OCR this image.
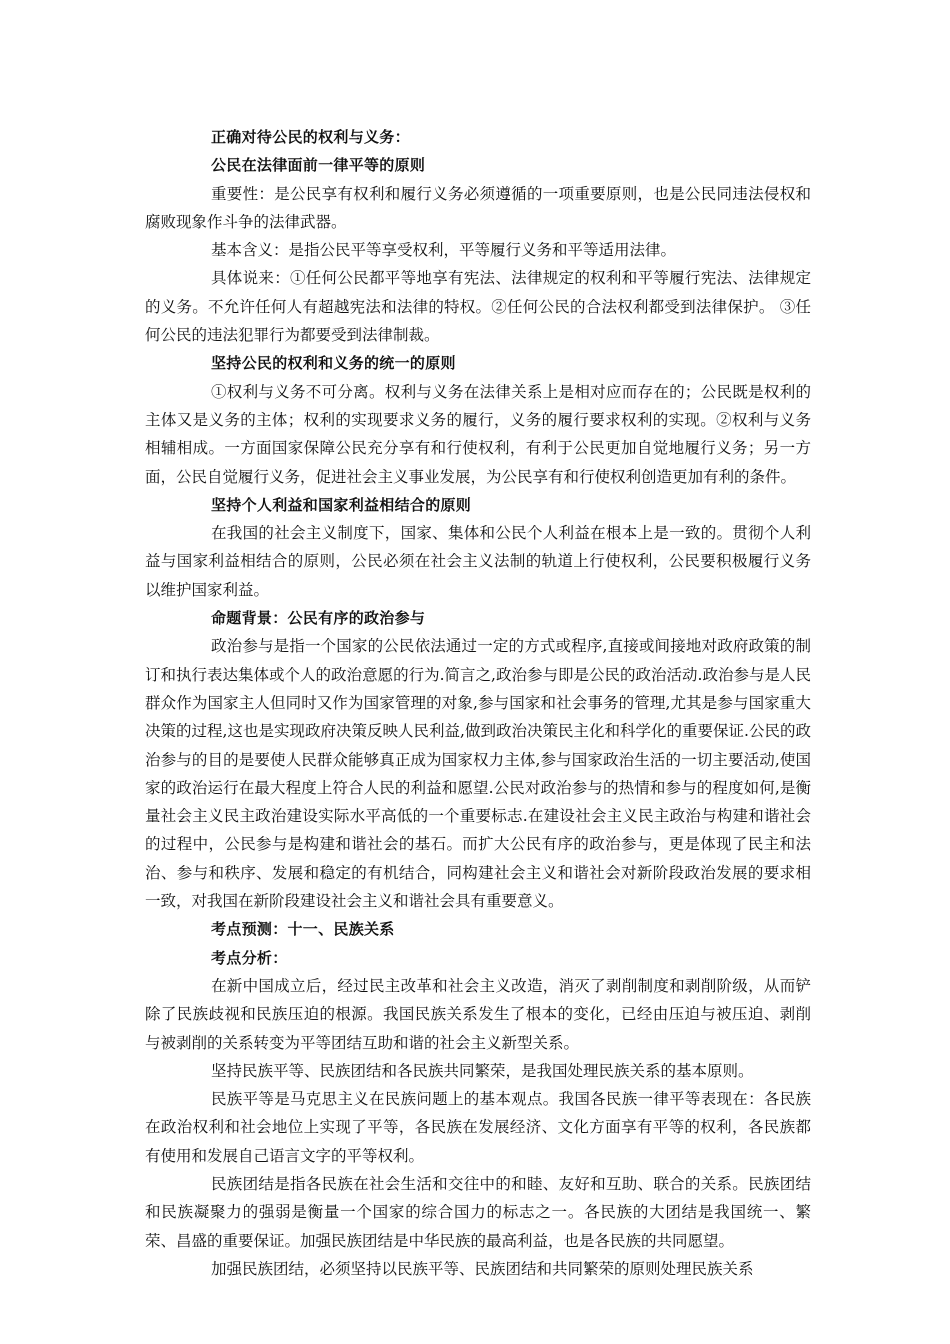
正确对待公民的权利与义务：

公民在法律面前一律平等的原则

重要性：是公民享有权利和履行义务必须遵循的一项重要原则，也是公民同违法侵权和腐败现象作斗争的法律武器。

基本含义：是指公民平等享受权利，平等履行义务和平等适用法律。

具体说来：①任何公民都平等地享有宪法、法律规定的权利和平等履行宪法、法律规定的义务。不允许任何人有超越宪法和法律的特权。②任何公民的合法权利都受到法律保护。 ③任何公民的违法犯罪行为都要受到法律制裁。

坚持公民的权利和义务的统一的原则

①权利与义务不可分离。权利与义务在法律关系上是相对应而存在的；公民既是权利的主体又是义务的主体；权利的实现要求义务的履行，义务的履行要求权利的实现。②权利与义务相辅相成。一方面国家保障公民充分享有和行使权利，有利于公民更加自觉地履行义务；另一方面，公民自觉履行义务，促进社会主义事业发展，为公民享有和行使权利创造更加有利的条件。

坚持个人利益和国家利益相结合的原则

在我国的社会主义制度下，国家、集体和公民个人利益在根本上是一致的。贯彻个人利益与国家利益相结合的原则，公民必须在社会主义法制的轨道上行使权利，公民要积极履行义务以维护国家利益。

命题背景：公民有序的政治参与

政治参与是指一个国家的公民依法通过一定的方式或程序,直接或间接地对政府政策的制订和执行表达集体或个人的政治意愿的行为.简言之,政治参与即是公民的政治活动.政治参与是人民群众作为国家主人但同时又作为国家管理的对象,参与国家和社会事务的管理,尤其是参与国家重大决策的过程,这也是实现政府决策反映人民利益,做到政治决策民主化和科学化的重要保证.公民的政治参与的目的是要使人民群众能够真正成为国家权力主体,参与国家政治生活的一切主要活动,使国家的政治运行在最大程度上符合人民的利益和愿望.公民对政治参与的热情和参与的程度如何,是衡量社会主义民主政治建设实际水平高低的一个重要标志.在建设社会主义民主政治与构建和谐社会的过程中，公民参与是构建和谐社会的基石。而扩大公民有序的政治参与，更是体现了民主和法治、参与和秩序、发展和稳定的有机结合，同构建社会主义和谐社会对新阶段政治发展的要求相一致，对我国在新阶段建设社会主义和谐社会具有重要意义。

考点预测：十一、民族关系

考点分析：

在新中国成立后，经过民主改革和社会主义改造，消灭了剥削制度和剥削阶级，从而铲除了民族歧视和民族压迫的根源。我国民族关系发生了根本的变化，已经由压迫与被压迫、剥削与被剥削的关系转变为平等团结互助和谐的社会主义新型关系。

坚持民族平等、民族团结和各民族共同繁荣，是我国处理民族关系的基本原则。

民族平等是马克思主义在民族问题上的基本观点。我国各民族一律平等表现在：各民族在政治权利和社会地位上实现了平等，各民族在发展经济、文化方面享有平等的权利，各民族都有使用和发展自己语言文字的平等权利。

民族团结是指各民族在社会生活和交往中的和睦、友好和互助、联合的关系。民族团结和民族凝聚力的强弱是衡量一个国家的综合国力的标志之一。各民族的大团结是我国统一、繁荣、昌盛的重要保证。加强民族团结是中华民族的最高利益，也是各民族的共同愿望。

加强民族团结，必须坚持以民族平等、民族团结和共同繁荣的原则处理民族关系
